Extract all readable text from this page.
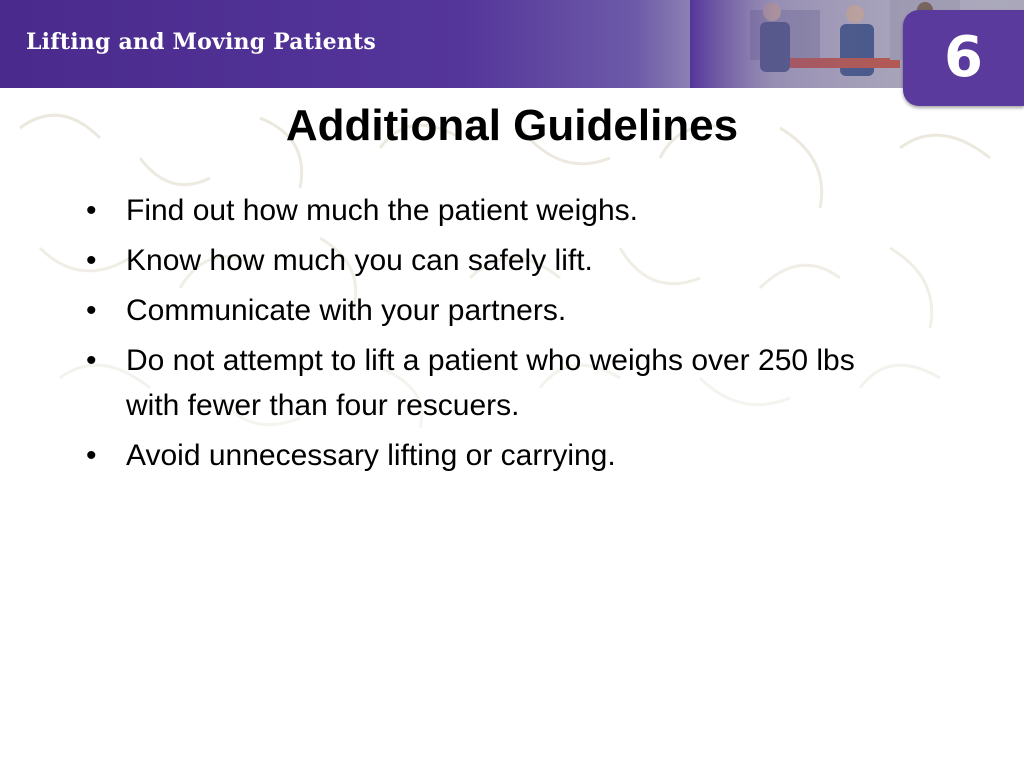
Lifting and Moving Patients	6
Additional Guidelines
• Find out how much the patient weighs.
• Know how much you can safely lift.
• Communicate with your partners.
• Do not attempt to lift a patient who weighs over 250 lbs with fewer than four rescuers.
• Avoid unnecessary lifting or carrying.
